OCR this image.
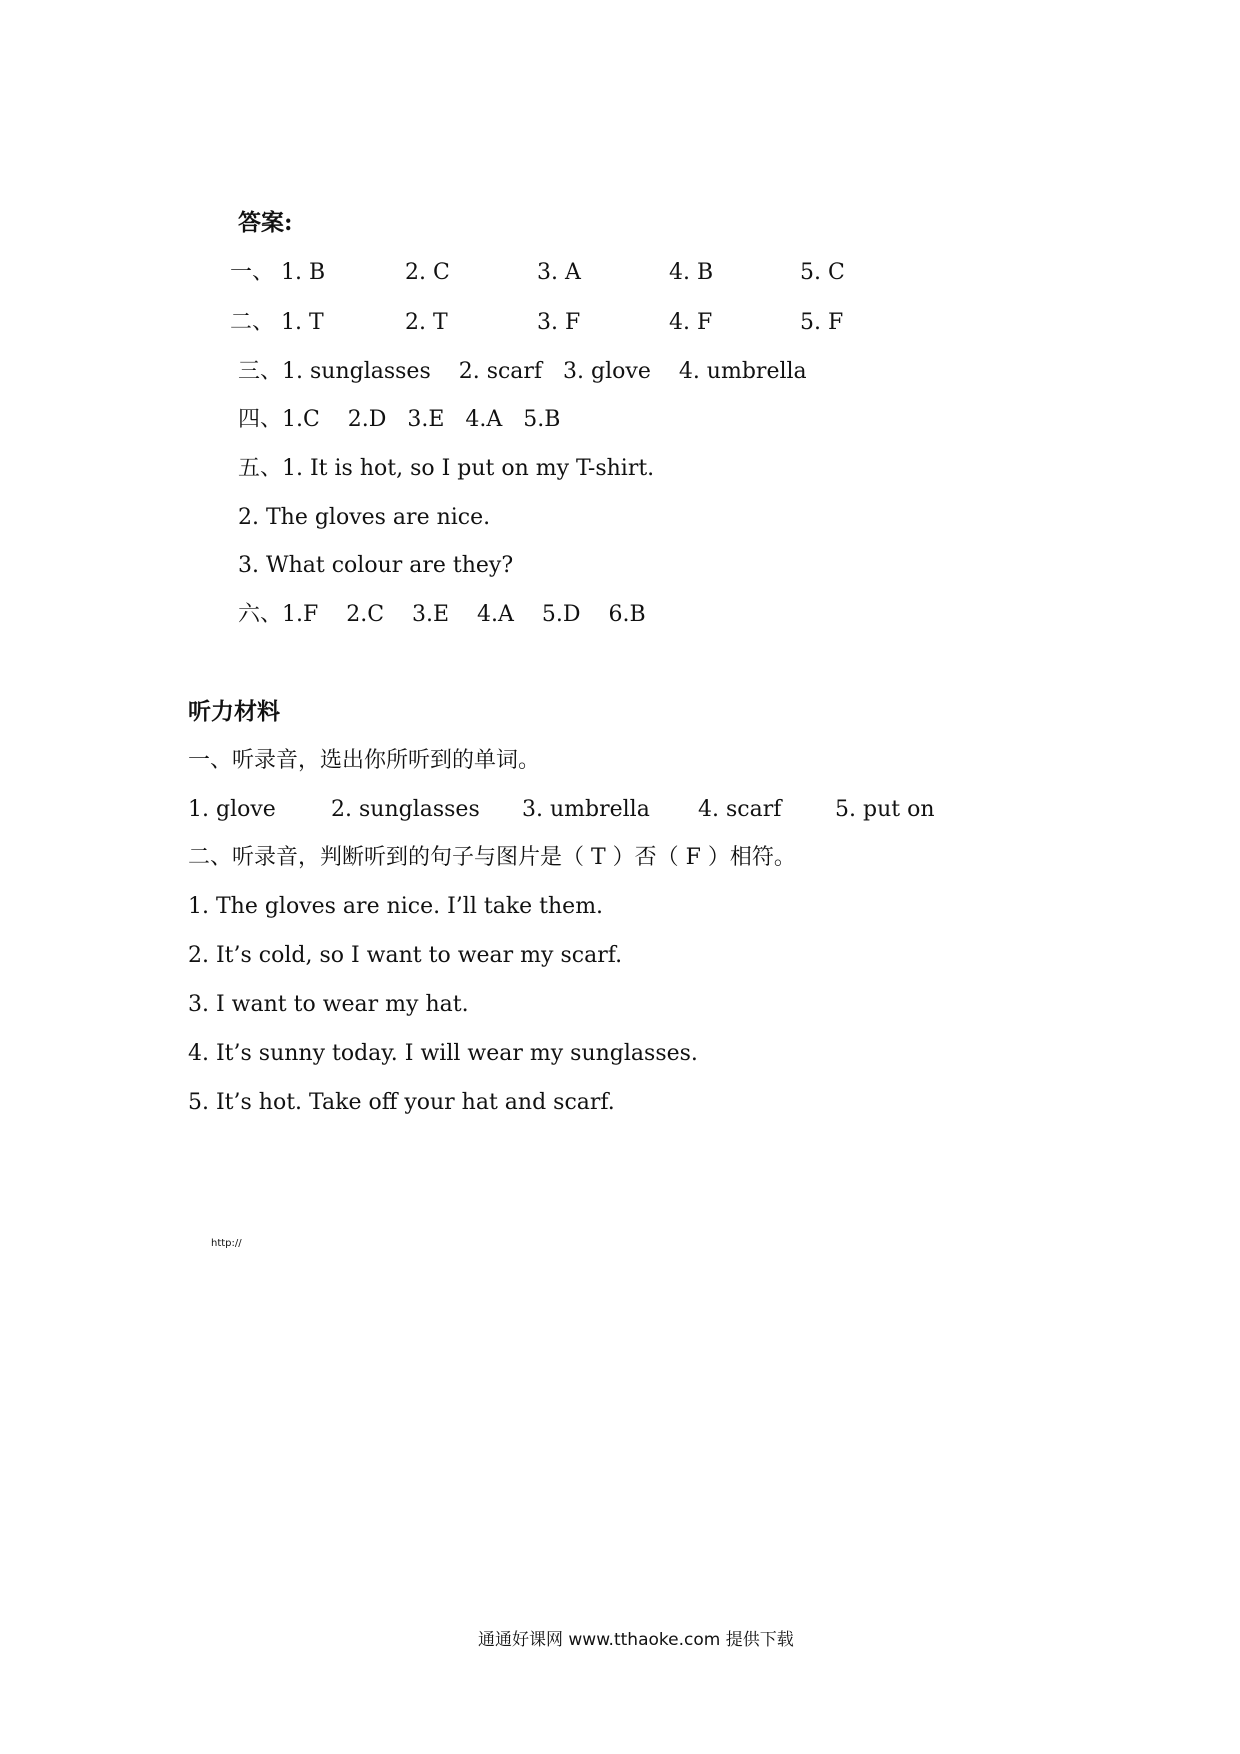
答案:
一、 1. B	2. C	3. A	4. B	5. C
二、 1. T	2. T	3. F	4. F	5. F
三、1. sunglasses    2. scarf   3. glove    4. umbrella
四、1.C    2.D   3.E   4.A   5.B
五、1. It is hot, so I put on my T-shirt.
2. The gloves are nice.
3. What colour are they?
六、1.F    2.C    3.E    4.A    5.D    6.B
听力材料
一、听录音，选出你所听到的单词。
1. glove	2. sunglasses 3. umbrella 4. scarf 5. put on
二、听录音，判断听到的句子与图片是（ T ）否（ F ）相符。
1. The gloves are nice. I’ll take them.
2. It’s cold, so I want to wear my scarf.
3. I want to wear my hat.
4. It’s sunny today. I will wear my sunglasses.
5. It’s hot. Take off your hat and scarf.
http://
通通好课网 www.tthaoke.com 提供下载
